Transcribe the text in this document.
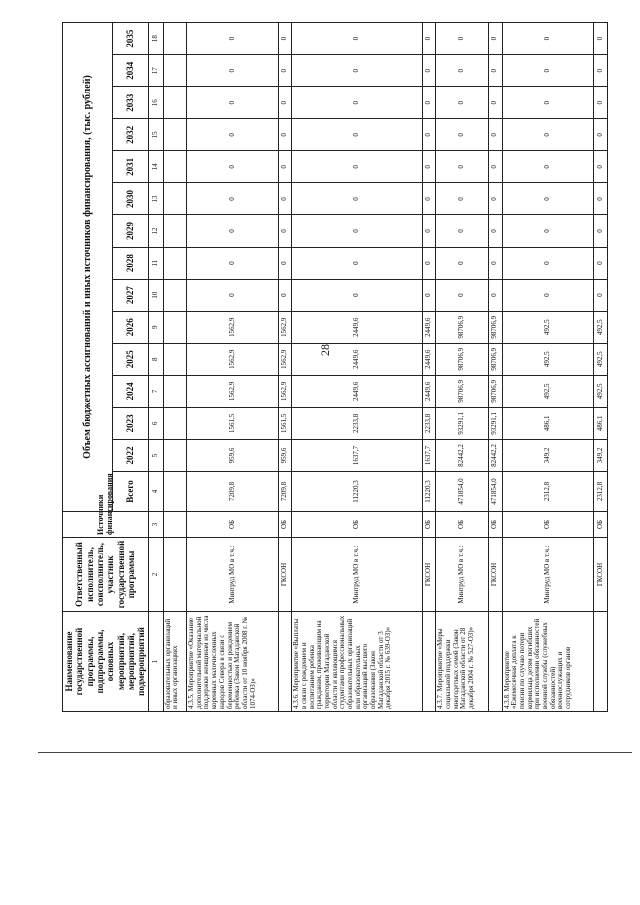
28
Наименование государственной программы, подпрограммы, основных мероприятий, мероприятий, подмероприятий	Ответственный исполнитель, соисполнитель, участник государственной программы	Источники финансирования	Объем бюджетных ассигнований и иных источников финансирования, (тыс. рублей)														
			Всего	2022	2023	2024	2025	2026	2027	2028	2029	2030	2031	2032	2033	2034	2035
1	2	3	4	5	6	7	8	9	10	11	12	13	14	15	16	17	18
образовательных организаций и иных организациях																	
4.3.5. Мероприятие «Оказание дополнительной материальной поддержки женщинам из числа коренных малочисленных народов Севера в связи с беременностью и рождением ребенка (Закон Магаданской области от 10 ноября 2008 г. № 1074-ОЗ)»	Минтруд МО в т.ч.:	ОБ	7209,8	959,6	1561,5	1562,9	1562,9	1562,9	0	0	0	0	0	0	0	0	0
	ГКСОН	ОБ	7209,8	959,6	1561,5	1562,9	1562,9	1562,9	0	0	0	0	0	0	0	0	0
4.3.6. Мероприятие «Выплаты в связи с рождением и воспитанием ребенка гражданам, проживающим на территории Магаданской области и являющимся студентами профессиональных образовательных организаций или образовательных организаций высшего образования (Закон Магаданской области от 3 декабря 2015 г. № 639-ОЗ)»	Минтруд МО в т.ч.:	ОБ	11220,3	1637,7	2233,8	2449,6	2449,6	2449,6	0	0	0	0	0	0	0	0	0
	ГКСОН	ОБ	11220,3	1637,7	2233,8	2449,6	2449,6	2449,6	0	0	0	0	0	0	0	0	0
4.3.7. Мероприятие «Меры социальной поддержки многодетных семей (Закон Магаданской области от 28 декабря 2004 г. № 527-ОЗ)»	Минтруд МО в т.ч.:	ОБ	471854,0	82442,2	93291,1	98706,9	98706,9	98706,9	0	0	0	0	0	0	0	0	0
	ГКСОН	ОБ	471854,0	82442,2	93291,1	98706,9	98706,9	98706,9	0	0	0	0	0	0	0	0	0
4.3.8. Мероприятие «Ежемесячная доплата к пенсии по случаю потери кормильца детям погибших при исполнении обязанностей военной службы (служебных обязанностей) военнослужащих и сотрудников органов	Минтруд МО в т.ч.:	ОБ	2312,8	349,2	486,1	492,5	492,5	492,5	0	0	0	0	0	0	0	0	0
	ГКСОН	ОБ	2312,8	349,2	486,1	492,5	492,5	492,5	0	0	0	0	0	0	0	0	0
